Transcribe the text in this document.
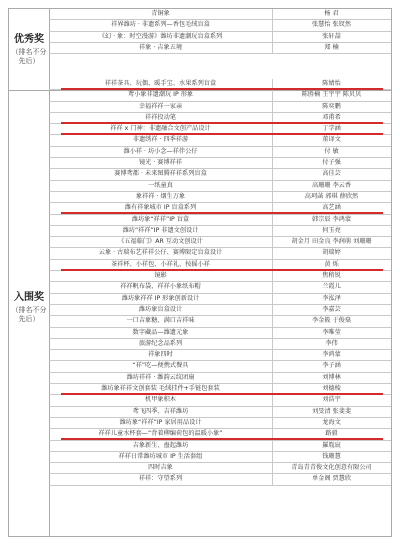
优秀奖
（排名不分先后）
青铜象	杨 君
祥界潍坊 · 非遗系列—香包毛绒盲盒	张慧怡 张钗然
《幻 · 象：时空漫游》潍坊非遗潮玩盲盒系列	张轩喆
祥象 · 吉象五境	郑 楠
入围奖
（排名不分先后）
祥祥茶具、玩偶、暖手宝、水果系列盲盒	陈婧怡
鸢小象非遗潮玩 IP 形象	陈胜楠 王宇宇 陈贝贝
幸福祥祥一家亲	陈奕鹏
祥祥投动笔	邓甫希
祥祥 x 门神：非遗融合文创产品设计	丁学涵
非遗绣祥 · 四季祥游	董译文
潍小祥 · 坊小念—祥伴公仔	付 敏
镜光 · 赛博祥祥	付子强
赛博鸢都 · 未来图腾祥祥系列盲盒	高佳芸
一纸童真	高珊珊 李云香
象祥祥 · 烟生万象	高珂菡 郭琪 薛欣然
潍有祥象城市 IP 盲盒系列	高艺涵
潍坊象“祥祥”IP 盲盒	韩宗辰 李鸿蒙
潍坊“祥祥”IP 非遗文创设计	何玉亮
《五福临门》AR 互动文创设计	胡金月 田金良 李润萌 刘珊珊
云象 · 古瑞布艺祥祥公仔、赛博限定盲盒设计	胡瑞婷
茶祥杯、小祥包、小祥礼、按摇小祥	黄 烁
镜影	焦稍锐
祥祥帆布袋、祥祥小象纸布帽	兰霞儿
潍坊象祥祥 IP 形象创新设计	李泓泽
潍坊象盲盒设计	李嘉芸
一口吉象糖、满口吉祥味	李金筱 于俊燊
数字藏品—潍遗元象	李唯莹
旅游纪念品系列	李伟
祥象四时	李鸿蒙
“祥”吃—便携式餐具	李子涵
潍坊祥祥 · 潍韵云纹团扇	刘博林
潍坊象祥祥文创套装 毛绒挂件+手链包套装	刘德棱
机甲象积木	刘浩宇
鸢飞四季、吉祥潍坊	刘旻清 张斐斐
潍坊象“祥祥”IP 家居用品设计	龙海文
祥祥儿童水杯套—“背着柳编荷包的温暖小象”	路毅
吉象新生、蛊起潍坊	羅胤宸
祥祥日常潍坊城市 IP 生活套组	钱珊慧
四时吉象	青岛青青俊文化创意有限公司
祥祥：守望系列	单金阁 贾慧欣
